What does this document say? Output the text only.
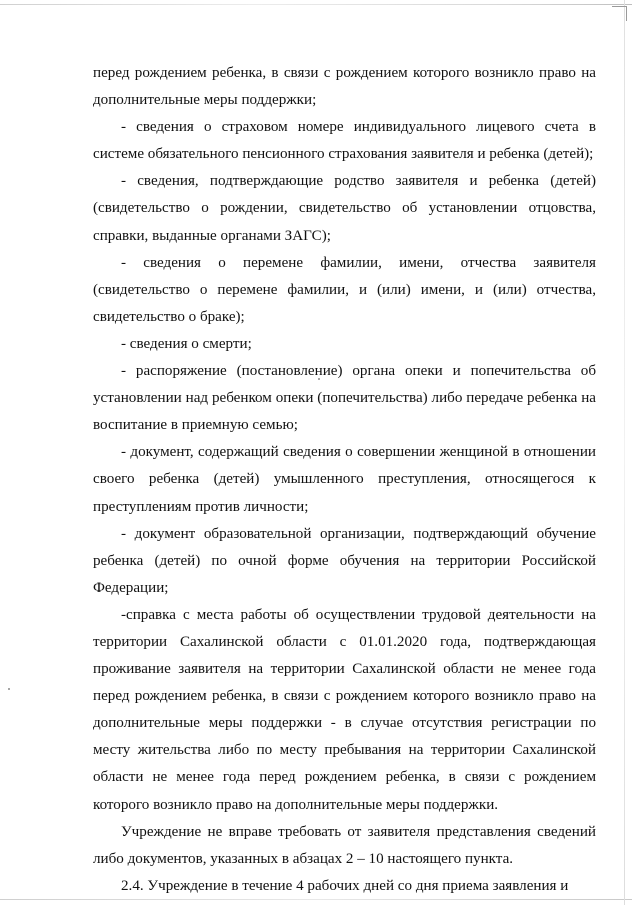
перед рождением ребенка, в связи с рождением которого возникло право на дополнительные меры поддержки;

- сведения о страховом номере индивидуального лицевого счета в системе обязательного пенсионного страхования заявителя и ребенка (детей);

- сведения, подтверждающие родство заявителя и ребенка (детей) (свидетельство о рождении, свидетельство об установлении отцовства, справки, выданные органами ЗАГС);

- сведения о перемене фамилии, имени, отчества заявителя (свидетельство о перемене фамилии, и (или) имени, и (или) отчества, свидетельство о браке);

- сведения о смерти;

- распоряжение (постановление) органа опеки и попечительства об установлении над ребенком опеки (попечительства) либо передаче ребенка на воспитание в приемную семью;

- документ, содержащий сведения о совершении женщиной в отношении своего ребенка (детей) умышленного преступления, относящегося к преступлениям против личности;

- документ образовательной организации, подтверждающий обучение ребенка (детей) по очной форме обучения на территории Российской Федерации;

-справка с места работы об осуществлении трудовой деятельности на территории Сахалинской области с 01.01.2020 года, подтверждающая проживание заявителя на территории Сахалинской области не менее года перед рождением ребенка, в связи с рождением которого возникло право на дополнительные меры поддержки - в случае отсутствия регистрации по месту жительства либо по месту пребывания на территории Сахалинской области не менее года перед рождением ребенка, в связи с рождением которого возникло право на дополнительные меры поддержки.

Учреждение не вправе требовать от заявителя представления сведений либо документов, указанных в абзацах 2 – 10 настоящего пункта.

2.4. Учреждение в течение 4 рабочих дней со дня приема заявления и
